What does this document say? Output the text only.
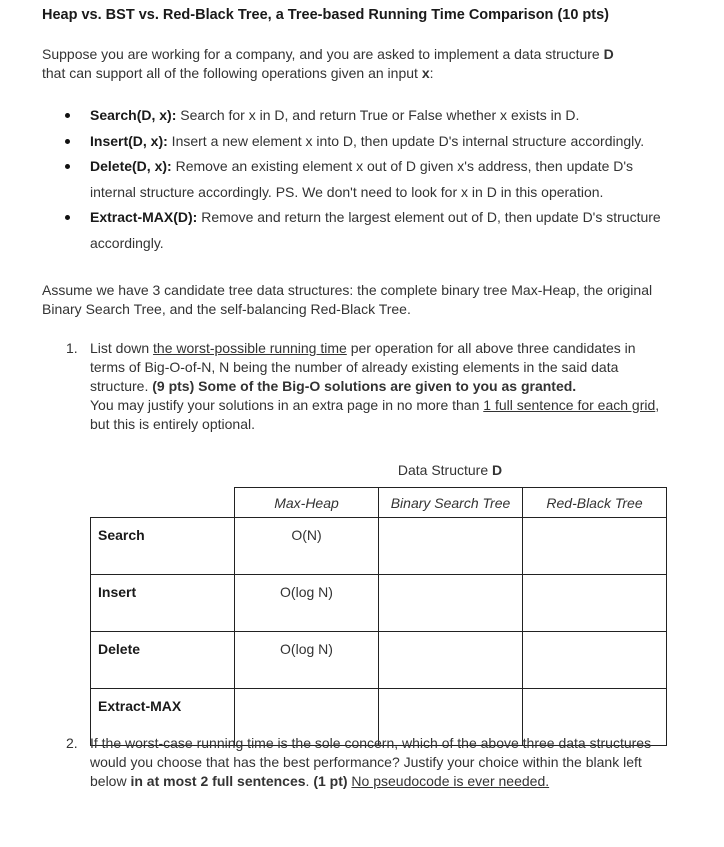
Heap vs. BST vs. Red-Black Tree, a Tree-based Running Time Comparison (10 pts)
Suppose you are working for a company, and you are asked to implement a data structure D
that can support all of the following operations given an input x:
Search(D, x): Search for x in D, and return True or False whether x exists in D.
Insert(D, x): Insert a new element x into D, then update D's internal structure accordingly.
Delete(D, x): Remove an existing element x out of D given x's address, then update D's internal structure accordingly. PS. We don't need to look for x in D in this operation.
Extract-MAX(D): Remove and return the largest element out of D, then update D's structure accordingly.
Assume we have 3 candidate tree data structures: the complete binary tree Max-Heap, the original Binary Search Tree, and the self-balancing Red-Black Tree.
1. List down the worst-possible running time per operation for all above three candidates in terms of Big-O-of-N, N being the number of already existing elements in the said data structure. (9 pts) Some of the Big-O solutions are given to you as granted.
You may justify your solutions in an extra page in no more than 1 full sentence for each grid, but this is entirely optional.
Data Structure D
	Max-Heap	Binary Search Tree	Red-Black Tree
Search	O(N)		
Insert	O(log N)		
Delete	O(log N)		
Extract-MAX			
2. If the worst-case running time is the sole concern, which of the above three data structures would you choose that has the best performance? Justify your choice within the blank left below in at most 2 full sentences. (1 pt) No pseudocode is ever needed.
